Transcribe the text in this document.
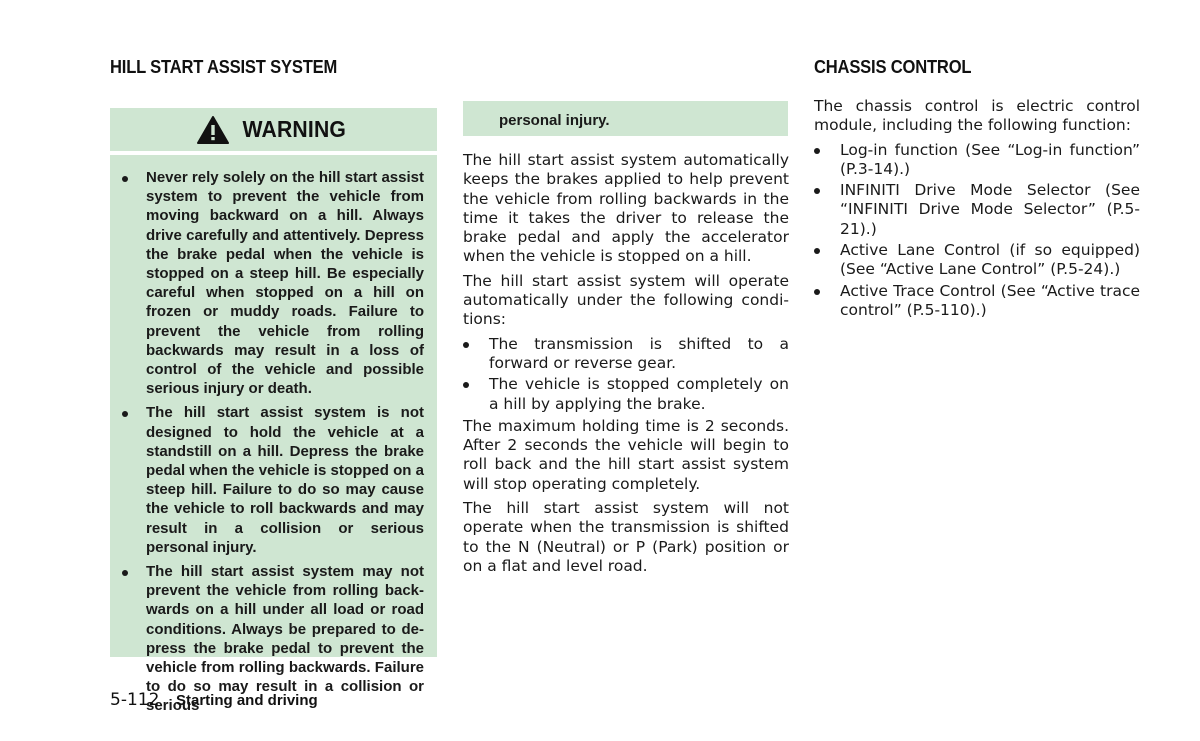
HILL START ASSIST SYSTEM	CHASSIS CONTROL
WARNING
Never rely solely on the hill start assist system to prevent the vehicle from moving backward on a hill. Always drive carefully and attentively. Depress the brake pedal when the vehicle is stopped on a steep hill. Be especially careful when stopped on a hill on frozen or muddy roads. Failure to prevent the vehicle from rolling backwards may result in a loss of control of the vehicle and possible serious injury or death.
The hill start assist system is not designed to hold the vehicle at a standstill on a hill. Depress the brake pedal when the vehicle is stopped on a steep hill. Failure to do so may cause the vehicle to roll backwards and may result in a collision or serious personal injury.
The hill start assist system may not prevent the vehicle from rolling back-wards on a hill under all load or road conditions. Always be prepared to de-press the brake pedal to prevent the vehicle from rolling backwards. Failure to do so may result in a collision or serious
personal injury.

The hill start assist system automatically keeps the brakes applied to help prevent the vehicle from rolling backwards in the time it takes the driver to release the brake pedal and apply the accelerator when the vehicle is stopped on a hill.

The hill start assist system will operate automatically under the following condi-tions:

The transmission is shifted to a forward or reverse gear.
The vehicle is stopped completely on a hill by applying the brake.

The maximum holding time is 2 seconds. After 2 seconds the vehicle will begin to roll back and the hill start assist system will stop operating completely.

The hill start assist system will not operate when the transmission is shifted to the N (Neutral) or P (Park) position or on a flat and level road.

The chassis control is electric control module, including the following function:

Log-in function (See “Log-in function” (P.3-14).)
INFINITI Drive Mode Selector (See “INFINITI Drive Mode Selector” (P.5-21).)
Active Lane Control (if so equipped) (See “Active Lane Control” (P.5-24).)
Active Trace Control (See “Active trace control” (P.5-110).)
5-112 Starting and driving
